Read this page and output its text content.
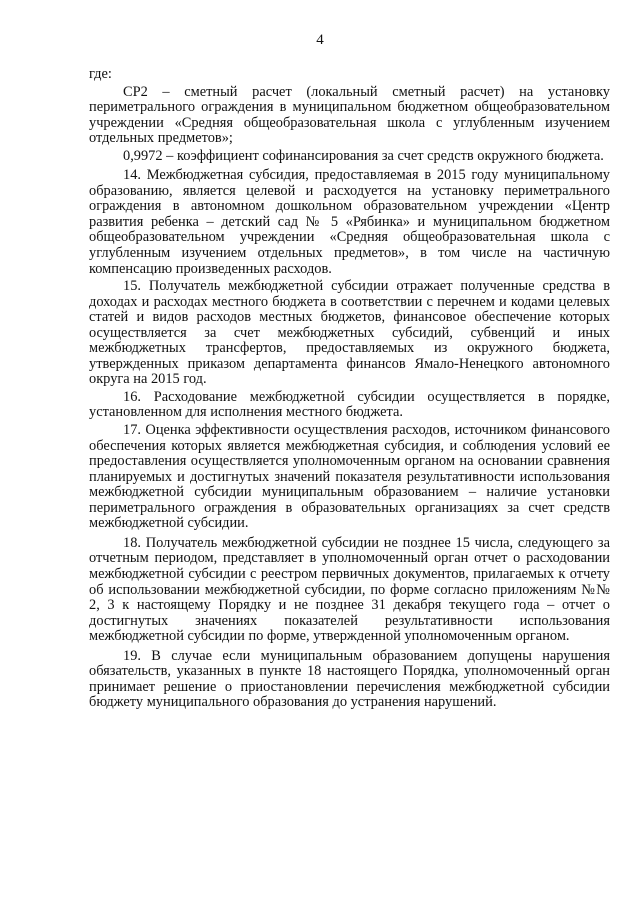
4

где:

СР2 – сметный расчет (локальный сметный расчет) на установку периметрального ограждения в муниципальном бюджетном общеобразовательном учреждении «Средняя общеобразовательная школа с углубленным изучением отдельных предметов»;

0,9972 – коэффициент софинансирования за счет средств окружного бюджета.

14. Межбюджетная субсидия, предоставляемая в 2015 году муниципальному образованию, является целевой и расходуется на установку периметрального ограждения в автономном дошкольном образовательном учреждении «Центр развития ребенка – детский сад № 5 «Рябинка» и муниципальном бюджетном общеобразовательном учреждении «Средняя общеобразовательная школа с углубленным изучением отдельных предметов», в том числе на частичную компенсацию произведенных расходов.

15. Получатель межбюджетной субсидии отражает полученные средства в доходах и расходах местного бюджета в соответствии с перечнем и кодами целевых статей и видов расходов местных бюджетов, финансовое обеспечение которых осуществляется за счет межбюджетных субсидий, субвенций и иных межбюджетных трансфертов, предоставляемых из окружного бюджета, утвержденных приказом департамента финансов Ямало-Ненецкого автономного округа на 2015 год.

16. Расходование межбюджетной субсидии осуществляется в порядке, установленном для исполнения местного бюджета.

17. Оценка эффективности осуществления расходов, источником финансового обеспечения которых является межбюджетная субсидия, и соблюдения условий ее предоставления осуществляется уполномоченным органом на основании сравнения планируемых и достигнутых значений показателя результативности использования межбюджетной субсидии муниципальным образованием – наличие установки периметрального ограждения в образовательных организациях за счет средств межбюджетной субсидии.

18. Получатель межбюджетной субсидии не позднее 15 числа, следующего за отчетным периодом, представляет в уполномоченный орган отчет о расходовании межбюджетной субсидии с реестром первичных документов, прилагаемых к отчету об использовании межбюджетной субсидии, по форме согласно приложениям №№ 2, 3 к настоящему Порядку и не позднее 31 декабря текущего года – отчет о достигнутых значениях показателей результативности использования межбюджетной субсидии по форме, утвержденной уполномоченным органом.

19. В случае если муниципальным образованием допущены нарушения обязательств, указанных в пункте 18 настоящего Порядка, уполномоченный орган принимает решение о приостановлении перечисления межбюджетной субсидии бюджету муниципального образования до устранения нарушений.
